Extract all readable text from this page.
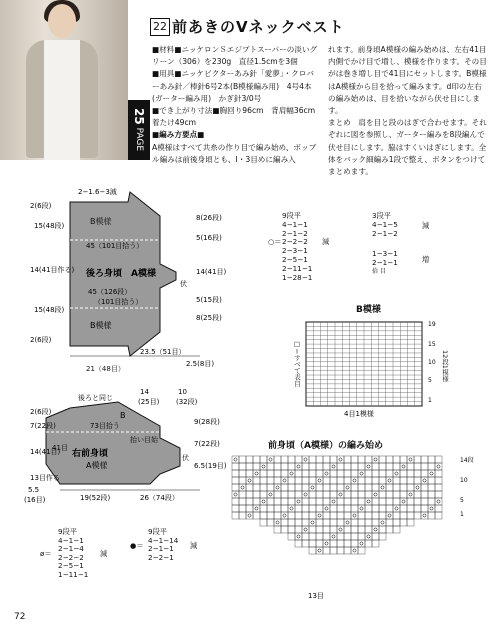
25 PAGE
22 前あきのVネックベスト
■材料■ニッケロンＳエジプトスーパーの淡いグリーン（306）を230g　直径1.5cmを3個
■用具■ニッケビクターあみ針「愛夢」・クロバーあみ針／棒針6号2本(B模様編み用)　4号4本(ガーター編み用)　かぎ針3/0号
■でき上がり寸法■胸回り96cm　背肩幅36cm　着たけ49cm
■編み方要点■
A模様はすべて共糸の作り目で編み始め、ボッブル編みは前後身頃とも、Ⅰ・3目めに編み入
れます。前身頃A模様の編み始めは、左右41目内側でかけ目で増し、模様を作ります。その目がは巻き増し目で41目にセットします。B模様はA模様から目を拾って編みます。d印の左右の編み始めは、目を拾いながら伏せ目にします。
まとめ　肩を目と段のはぎで合わせます。それぞれに図を参照し、ガーター編みを8段編んで伏せ目にします。脇はすくいはぎにします。全体をバック細編み1段で整え、ボタンをつけてまとめます。
2−1.6−3減
B模様
45（101目拾う）
後ろ身頃　A模様
45（126段）
（101目拾う）
B模様
2(6段)
15(48段)
14(41目作る)
15(48段)
2(6段)
8(26段)
5(16段)
14(41目)
5(15段)
8(25段)
伏
23.5（51目）
2.5(8目)
21（48目）
14
(25目)
10
(32段)
後ろと同じ
B
73目拾う
右前身頃
A模様
抬い目始
2(6段)
7(22段)
14(41目)
41目
13目作る
5.5
(16目)	19(52段)	26（74段）
9(28段)
7(22段)
6.5(19目)
伏
○＝
9段平
4−1−1
2−1−2
2−2−2
2−3−1
2−5−1
2−11−1
1−28−1
減
3段平
4−1−5
2−1−2
減
1−3−1
2−1−1	増
拾 目
B模様
19
15
10
5
1
4目1模様
□＝すべて表目	12段1模様
前身頃（A模様）の編み始め
14段
10
5
1
13目
ø＝
9段平
4−1−1
2−1−4
2−2−2
2−5−1
1−11−1
減
●＝
9段平
4−1−14
2−1−1
2−2−1
減
72
